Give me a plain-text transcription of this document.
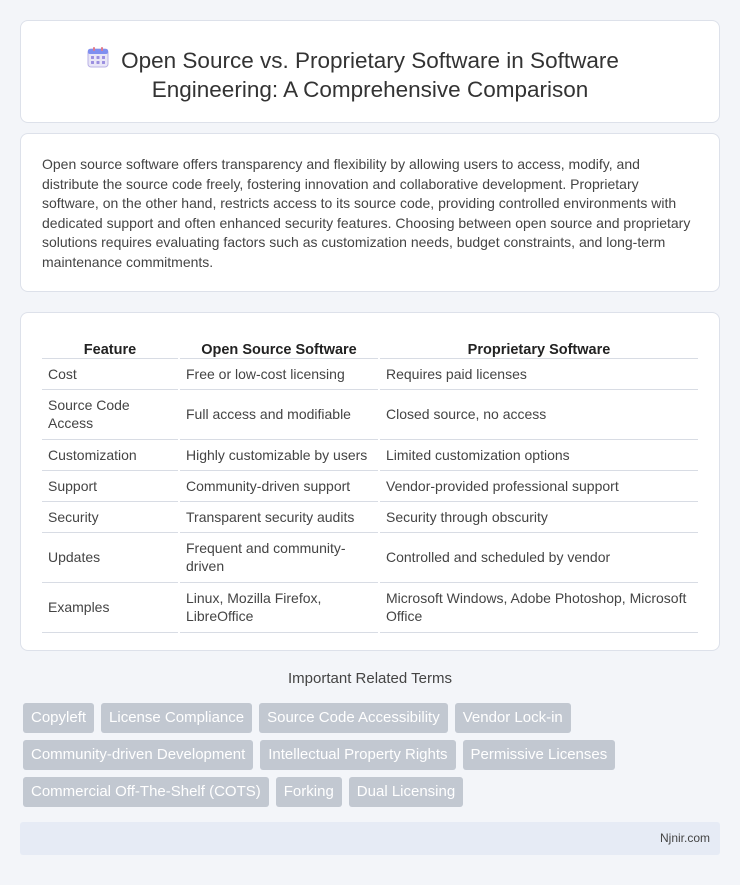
Open Source vs. Proprietary Software in Software
Engineering: A Comprehensive Comparison

Open source software offers transparency and flexibility by allowing users to access, modify, and distribute the source code freely, fostering innovation and collaborative development. Proprietary software, on the other hand, restricts access to its source code, providing controlled environments with dedicated support and often enhanced security features. Choosing between open source and proprietary solutions requires evaluating factors such as customization needs, budget constraints, and long-term maintenance commitments.

Feature	Open Source Software	Proprietary Software
Cost	Free or low-cost licensing	Requires paid licenses
Source Code Access	Full access and modifiable	Closed source, no access
Customization	Highly customizable by users	Limited customization options
Support	Community-driven support	Vendor-provided professional support
Security	Transparent security audits	Security through obscurity
Updates	Frequent and community-driven	Controlled and scheduled by vendor
Examples	Linux, Mozilla Firefox, LibreOffice	Microsoft Windows, Adobe Photoshop, Microsoft Office
Important Related Terms
Copyleft	License Compliance	Source Code Accessibility	Vendor Lock-in
Community-driven Development	Intellectual Property Rights	Permissive Licenses
Commercial Off-The-Shelf (COTS)	Forking	Dual Licensing
Njnir.com
